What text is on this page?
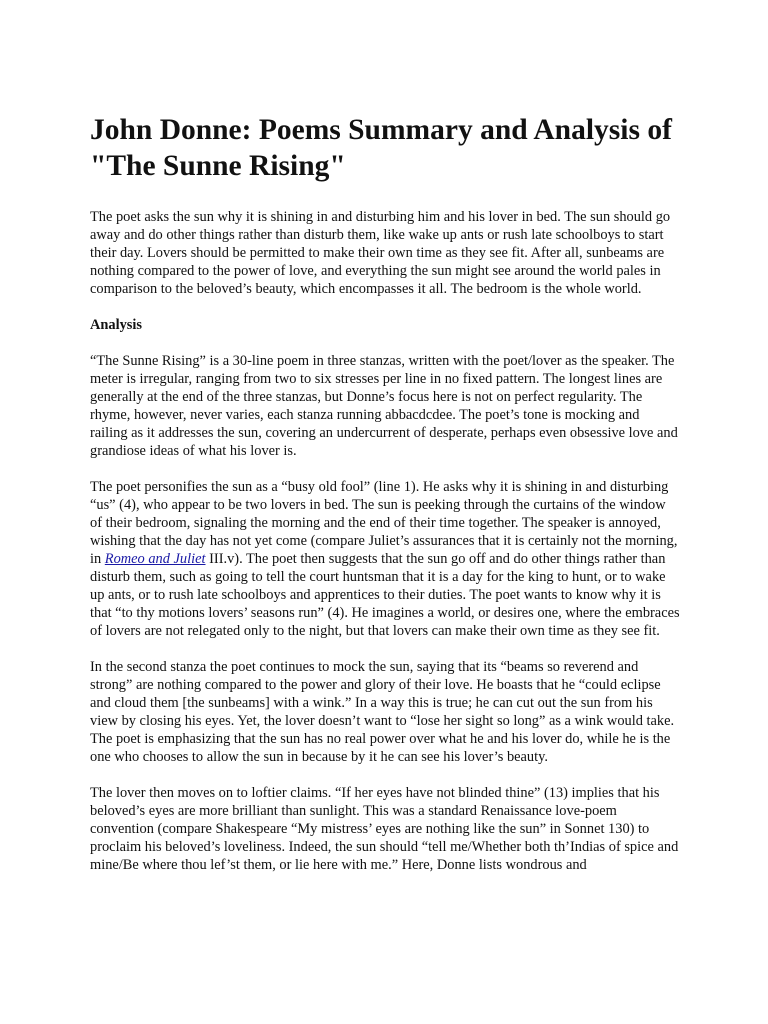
John Donne: Poems Summary and Analysis of "The Sunne Rising"

The poet asks the sun why it is shining in and disturbing him and his lover in bed. The sun should go away and do other things rather than disturb them, like wake up ants or rush late schoolboys to start their day. Lovers should be permitted to make their own time as they see fit. After all, sunbeams are nothing compared to the power of love, and everything the sun might see around the world pales in comparison to the beloved’s beauty, which encompasses it all. The bedroom is the whole world.

Analysis

“The Sunne Rising” is a 30-line poem in three stanzas, written with the poet/lover as the speaker. The meter is irregular, ranging from two to six stresses per line in no fixed pattern. The longest lines are generally at the end of the three stanzas, but Donne’s focus here is not on perfect regularity. The rhyme, however, never varies, each stanza running abbacdcdee. The poet’s tone is mocking and railing as it addresses the sun, covering an undercurrent of desperate, perhaps even obsessive love and grandiose ideas of what his lover is.

The poet personifies the sun as a “busy old fool” (line 1). He asks why it is shining in and disturbing “us” (4), who appear to be two lovers in bed. The sun is peeking through the curtains of the window of their bedroom, signaling the morning and the end of their time together. The speaker is annoyed, wishing that the day has not yet come (compare Juliet’s assurances that it is certainly not the morning, in Romeo and Juliet III.v). The poet then suggests that the sun go off and do other things rather than disturb them, such as going to tell the court huntsman that it is a day for the king to hunt, or to wake up ants, or to rush late schoolboys and apprentices to their duties. The poet wants to know why it is that “to thy motions lovers’ seasons run” (4). He imagines a world, or desires one, where the embraces of lovers are not relegated only to the night, but that lovers can make their own time as they see fit.

In the second stanza the poet continues to mock the sun, saying that its “beams so reverend and strong” are nothing compared to the power and glory of their love. He boasts that he “could eclipse and cloud them [the sunbeams] with a wink.” In a way this is true; he can cut out the sun from his view by closing his eyes. Yet, the lover doesn’t want to “lose her sight so long” as a wink would take. The poet is emphasizing that the sun has no real power over what he and his lover do, while he is the one who chooses to allow the sun in because by it he can see his lover’s beauty.

The lover then moves on to loftier claims. “If her eyes have not blinded thine” (13) implies that his beloved’s eyes are more brilliant than sunlight. This was a standard Renaissance love-poem convention (compare Shakespeare “My mistress’ eyes are nothing like the sun” in Sonnet 130) to proclaim his beloved’s loveliness. Indeed, the sun should “tell me/Whether both th’Indias of spice and mine/Be where thou lef’st them, or lie here with me.” Here, Donne lists wondrous and
